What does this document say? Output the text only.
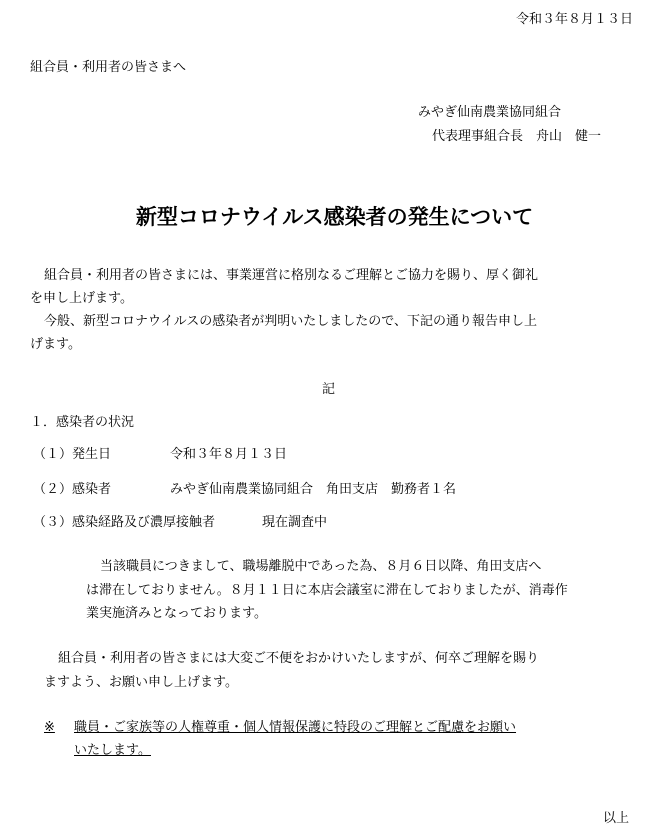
令和３年８月１３日
組合員・利用者の皆さまへ
みやぎ仙南農業協同組合
代表理事組合長　舟山　健一
新型コロナウイルス感染者の発生について
組合員・利用者の皆さまには、事業運営に格別なるご理解とご協力を賜り、厚く御礼
を申し上げます。
今般、新型コロナウイルスの感染者が判明いたしましたので、下記の通り報告申し上
げます。
記
１．感染者の状況
（１）発生日	令和３年８月１３日
（２）感染者	みやぎ仙南農業協同組合　角田支店　勤務者１名
（３）感染経路及び濃厚接触者	現在調査中
当該職員につきまして、職場離脱中であった為、８月６日以降、角田支店へ
は滞在しておりません。８月１１日に本店会議室に滞在しておりましたが、消毒作
業実施済みとなっております。
組合員・利用者の皆さまには大変ご不便をおかけいたしますが、何卒ご理解を賜り
ますよう、お願い申し上げます。
※ 職員・ご家族等の人権尊重・個人情報保護に特段のご理解とご配慮をお願い
いたします。
以上
